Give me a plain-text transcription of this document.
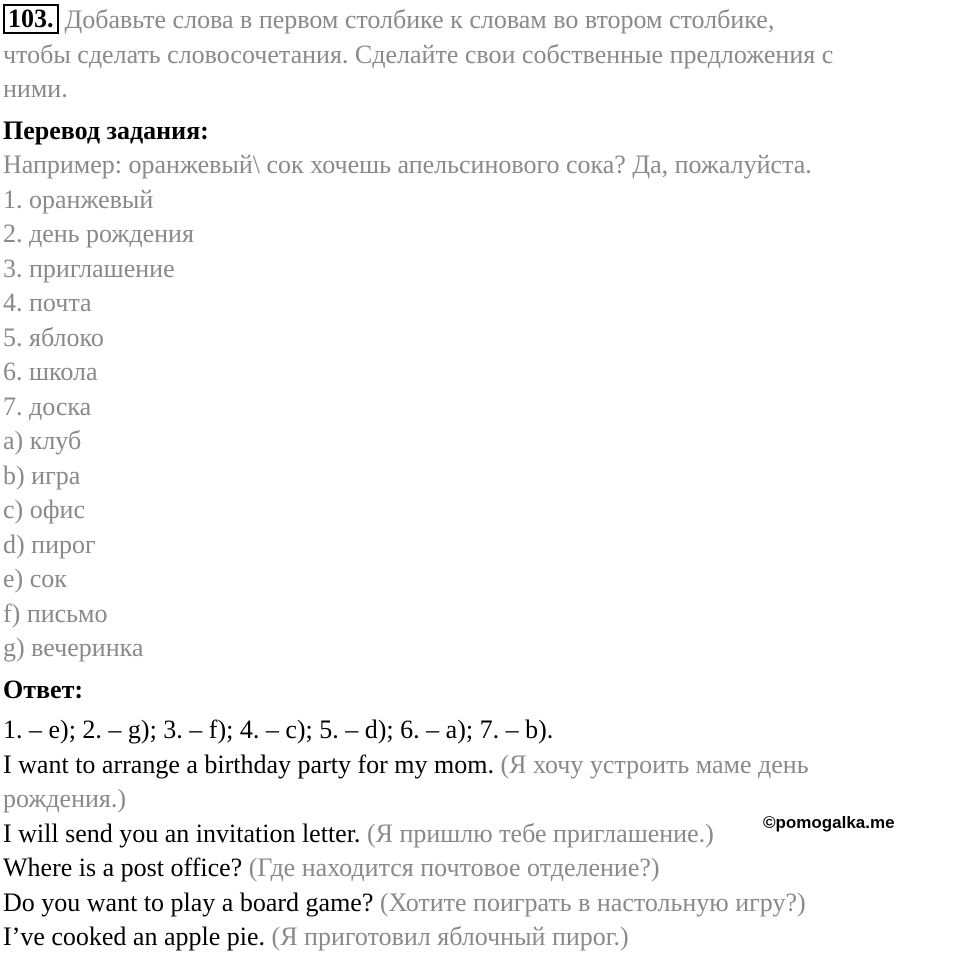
103. Добавьте слова в первом столбике к словам во втором столбике,
чтобы сделать словосочетания. Сделайте свои собственные предложения с
ними.
Перевод задания:
Например: оранжевый\ сок хочешь апельсинового сока? Да, пожалуйста.
1. оранжевый
2. день рождения
3. приглашение
4. почта
5. яблоко
6. школа
7. доска
a) клуб
b) игра
c) офис
d) пирог
e) сок
f) письмо
g) вечеринка
Ответ:
1. – e); 2. – g); 3. – f); 4. – c); 5. – d); 6. – a); 7. – b).
I want to arrange a birthday party for my mom. (Я хочу устроить маме день
рождения.)
I will send you an invitation letter. (Я пришлю тебе приглашение.)
Where is a post office? (Где находится почтовое отделение?)
Do you want to play a board game? (Хотите поиграть в настольную игру?)
I’ve cooked an apple pie. (Я приготовил яблочный пирог.)
©pomogalka.me
